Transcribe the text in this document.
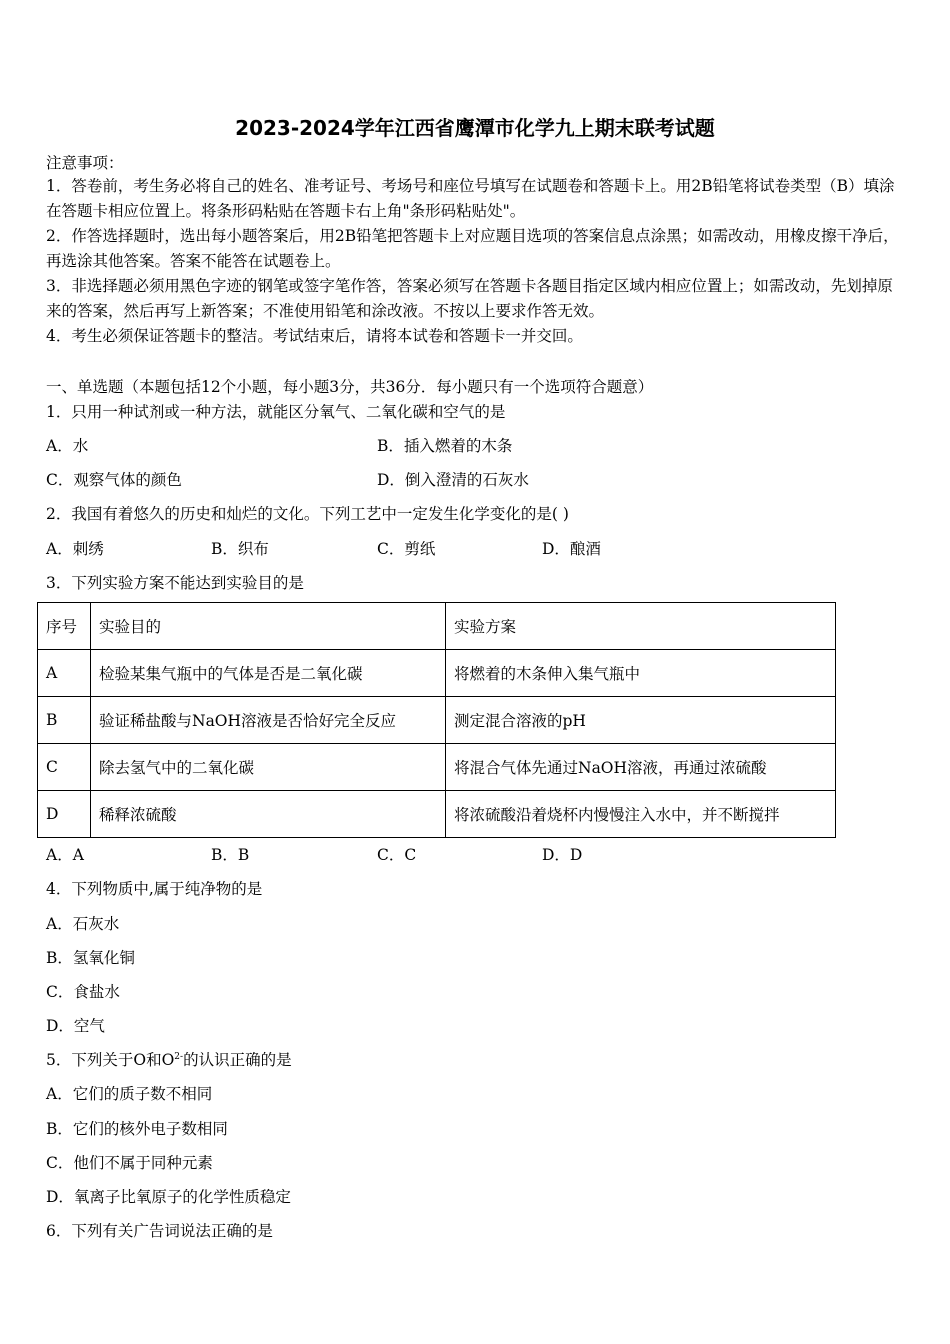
2023-2024学年江西省鹰潭市化学九上期末联考试题
注意事项：
1．答卷前，考生务必将自己的姓名、准考证号、考场号和座位号填写在试题卷和答题卡上。用2B铅笔将试卷类型（B）填涂在答题卡相应位置上。将条形码粘贴在答题卡右上角"条形码粘贴处"。
2．作答选择题时，选出每小题答案后，用2B铅笔把答题卡上对应题目选项的答案信息点涂黑；如需改动，用橡皮擦干净后，再选涂其他答案。答案不能答在试题卷上。
3．非选择题必须用黑色字迹的钢笔或签字笔作答，答案必须写在答题卡各题目指定区域内相应位置上；如需改动，先划掉原来的答案，然后再写上新答案；不准使用铅笔和涂改液。不按以上要求作答无效。
4．考生必须保证答题卡的整洁。考试结束后，请将本试卷和答题卡一并交回。
一、单选题（本题包括12个小题，每小题3分，共36分．每小题只有一个选项符合题意）
1．只用一种试剂或一种方法，就能区分氧气、二氧化碳和空气的是
A．水	B．插入燃着的木条
C．观察气体的颜色	D．倒入澄清的石灰水
2．我国有着悠久的历史和灿烂的文化。下列工艺中一定发生化学变化的是( )
A．刺绣	B．织布	C．剪纸	D．酿酒
3．下列实验方案不能达到实验目的是
序号	实验目的	实验方案
A	检验某集气瓶中的气体是否是二氧化碳	将燃着的木条伸入集气瓶中
B	验证稀盐酸与NaOH溶液是否恰好完全反应	测定混合溶液的pH
C	除去氢气中的二氧化碳	将混合气体先通过NaOH溶液，再通过浓硫酸
D	稀释浓硫酸	将浓硫酸沿着烧杯内慢慢注入水中，并不断搅拌
A．A	B．B	C．C	D．D
4．下列物质中,属于纯净物的是
A．石灰水
B．氢氧化铜
C．食盐水
D．空气
5．下列关于O和$O^{2-}$的认识正确的是
A．它们的质子数不相同
B．它们的核外电子数相同
C．他们不属于同种元素
D．氧离子比氧原子的化学性质稳定
6．下列有关广告词说法正确的是
